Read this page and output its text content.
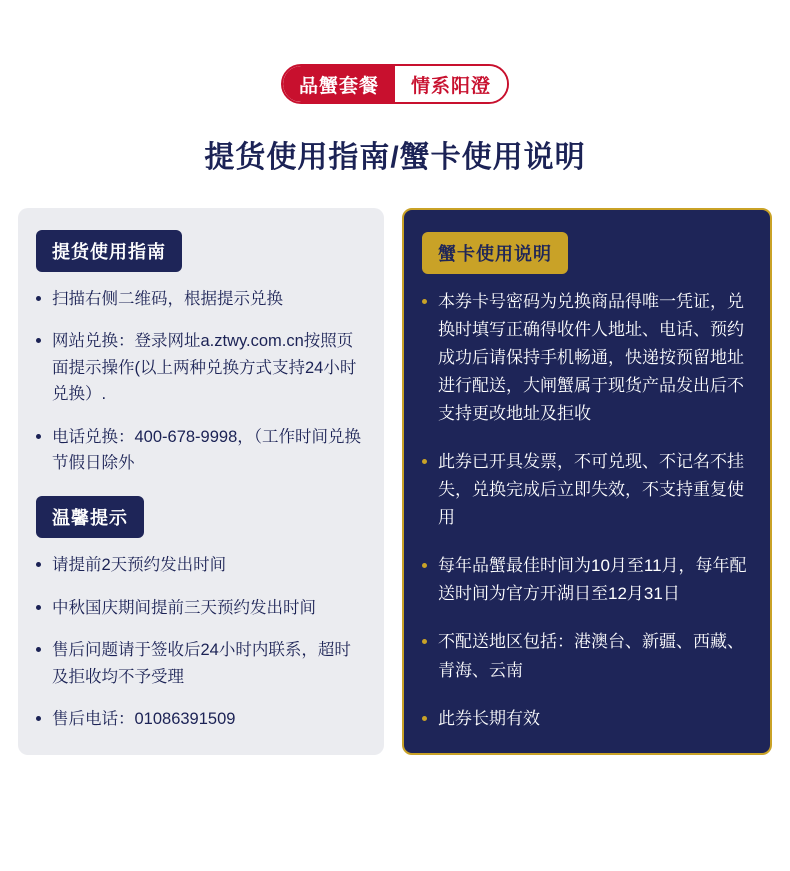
品蟹套餐	情系阳澄
提货使用指南/蟹卡使用说明
提货使用指南
扫描右侧二维码，根据提示兑换
网站兑换：登录网址a.ztwy.com.cn按照页面提示操作(以上两种兑换方式支持24小时兑换）.
电话兑换：400-678-9998，（工作时间兑换节假日除外
温馨提示
请提前2天预约发出时间
中秋国庆期间提前三天预约发出时间
售后问题请于签收后24小时内联系，超时及拒收均不予受理
售后电话：01086391509
蟹卡使用说明
本券卡号密码为兑换商品得唯一凭证，兑换时填写正确得收件人地址、电话、预约成功后请保持手机畅通，快递按预留地址进行配送，大闸蟹属于现货产品发出后不支持更改地址及拒收
此券已开具发票，不可兑现、不记名不挂失，兑换完成后立即失效，不支持重复使用
每年品蟹最佳时间为10月至11月，每年配送时间为官方开湖日至12月31日
不配送地区包括：港澳台、新疆、西藏、青海、云南
此券长期有效
